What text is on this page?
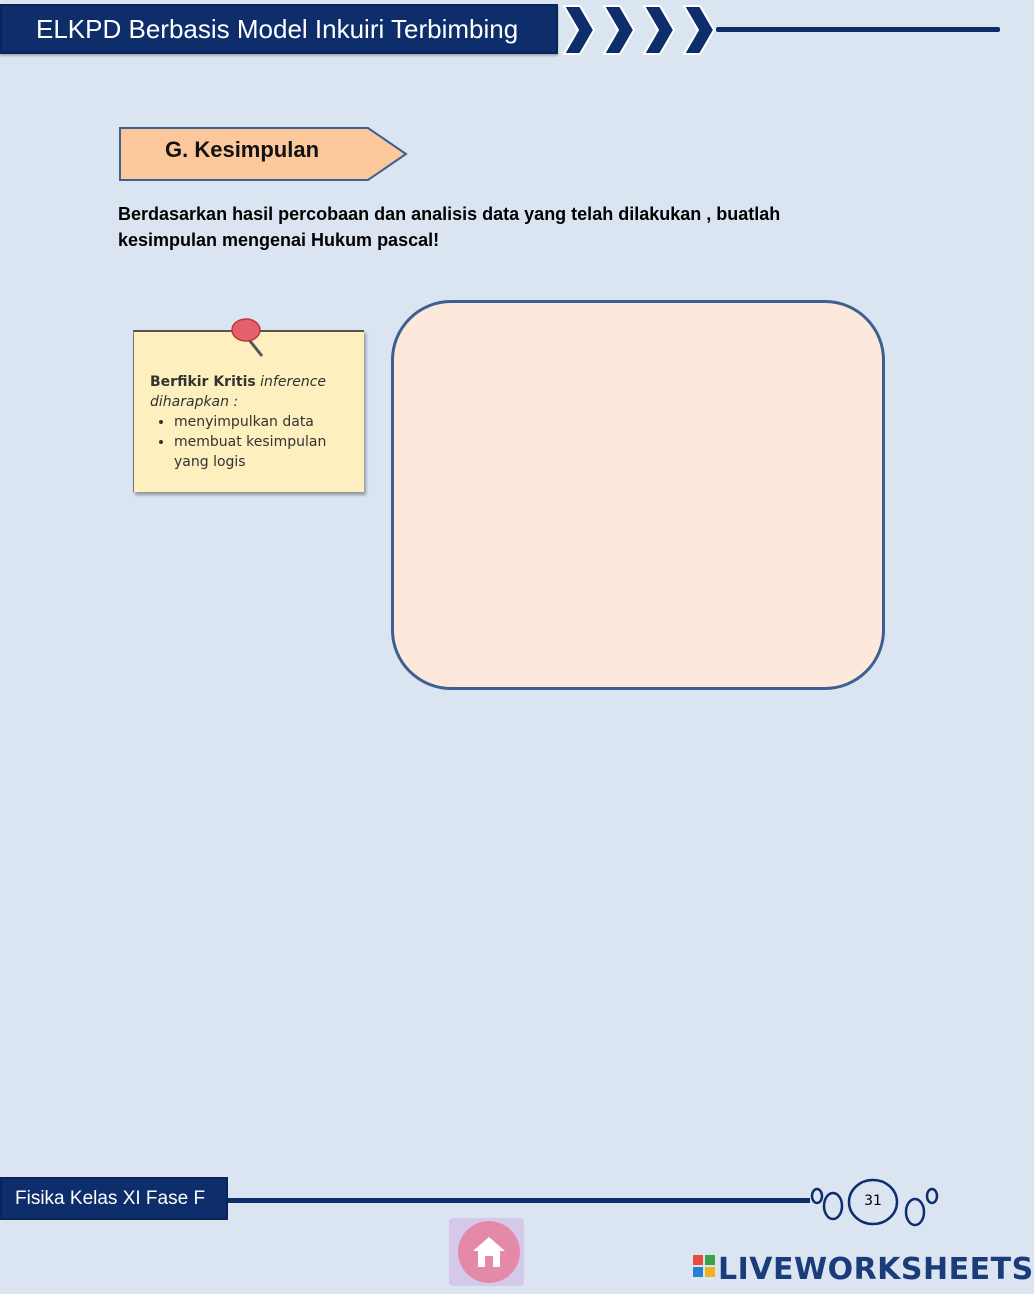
ELKPD Berbasis Model Inkuiri Terbimbing
G. Kesimpulan
Berdasarkan hasil percobaan dan analisis data yang telah dilakukan , buatlah kesimpulan mengenai Hukum pascal!
Berfikir Kritis inference
diharapkan :
• menyimpulkan data
• membuat kesimpulan yang logis
Fisika Kelas XI Fase F	31
LIVEWORKSHEETS
